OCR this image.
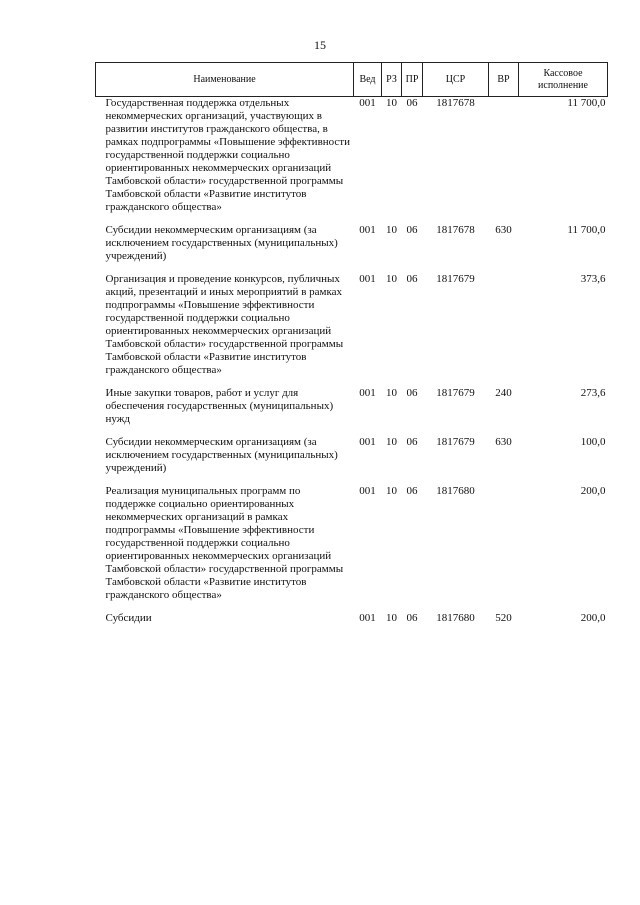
15
Наименование	Вед	РЗ	ПР	ЦСР	ВР	Кассовое исполнение
Государственная поддержка отдельных некоммерческих организаций, участвующих в развитии институтов гражданского общества, в рамках подпрограммы «Повышение эффективности государственной поддержки социально ориентированных некоммерческих организаций Тамбовской области» государственной программы Тамбовской области «Развитие институтов гражданского общества»	001	10	06	1817678		11 700,0
Субсидии некоммерческим организациям (за исключением государственных (муниципальных) учреждений)	001	10	06	1817678	630	11 700,0
Организация и проведение конкурсов, публичных акций, презентаций и иных мероприятий в рамках подпрограммы «Повышение эффективности государственной поддержки социально ориентированных некоммерческих организаций Тамбовской области» государственной программы Тамбовской области «Развитие институтов гражданского общества»	001	10	06	1817679		373,6
Иные закупки товаров, работ и услуг для обеспечения государственных (муниципальных) нужд	001	10	06	1817679	240	273,6
Субсидии некоммерческим организациям (за исключением государственных (муниципальных) учреждений)	001	10	06	1817679	630	100,0
Реализация муниципальных программ по поддержке социально ориентированных некоммерческих организаций в рамках подпрограммы «Повышение эффективности государственной поддержки социально ориентированных некоммерческих организаций Тамбовской области» государственной программы Тамбовской области «Развитие институтов гражданского общества»	001	10	06	1817680		200,0
Субсидии	001	10	06	1817680	520	200,0
